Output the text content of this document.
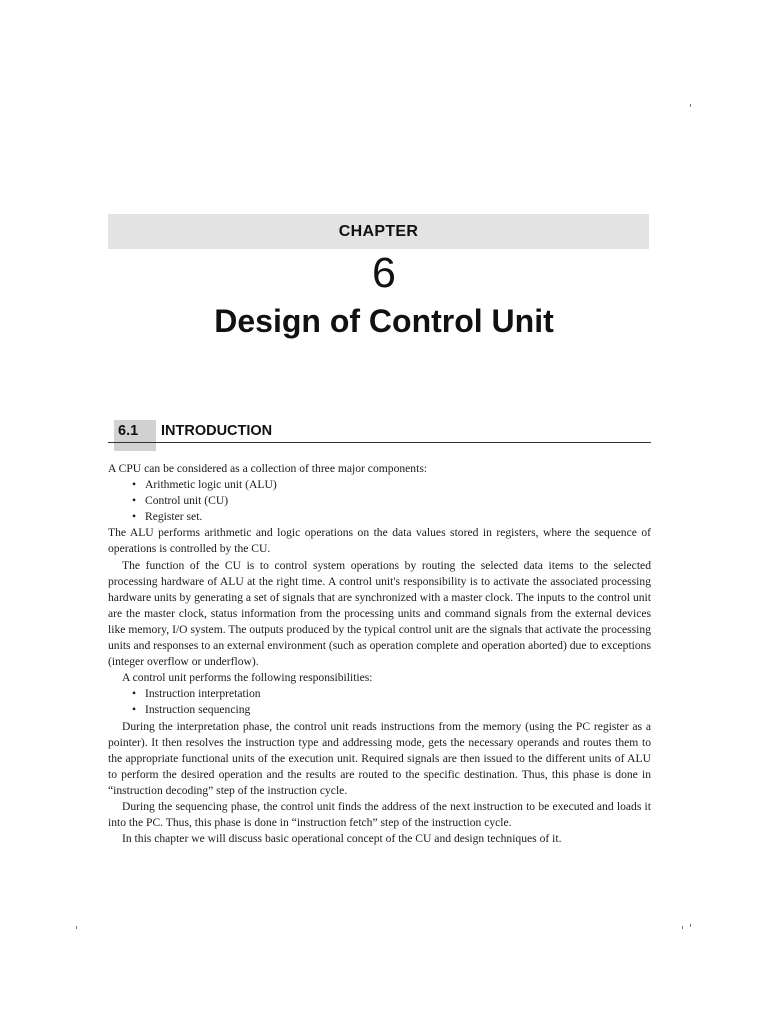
CHAPTER
6
Design of Control Unit
6.1 INTRODUCTION

A CPU can be considered as a collection of three major components:

• Arithmetic logic unit (ALU)
• Control unit (CU)
• Register set.

The ALU performs arithmetic and logic operations on the data values stored in registers, where the sequence of operations is controlled by the CU.

The function of the CU is to control system operations by routing the selected data items to the selected processing hardware of ALU at the right time. A control unit's responsibility is to activate the associated processing hardware units by generating a set of signals that are synchronized with a master clock. The inputs to the control unit are the master clock, status information from the processing units and command signals from the external devices like memory, I/O system. The outputs produced by the typical control unit are the signals that activate the processing units and responses to an external environment (such as operation complete and operation aborted) due to exceptions (integer overflow or underflow).

A control unit performs the following responsibilities:

• Instruction interpretation
• Instruction sequencing

During the interpretation phase, the control unit reads instructions from the memory (using the PC register as a pointer). It then resolves the instruction type and addressing mode, gets the necessary operands and routes them to the appropriate functional units of the execution unit. Required signals are then issued to the different units of ALU to perform the desired operation and the results are routed to the specific destination. Thus, this phase is done in “instruction decoding” step of the instruction cycle.

During the sequencing phase, the control unit finds the address of the next instruction to be executed and loads it into the PC. Thus, this phase is done in “instruction fetch” step of the instruction cycle.

In this chapter we will discuss basic operational concept of the CU and design techniques of it.
